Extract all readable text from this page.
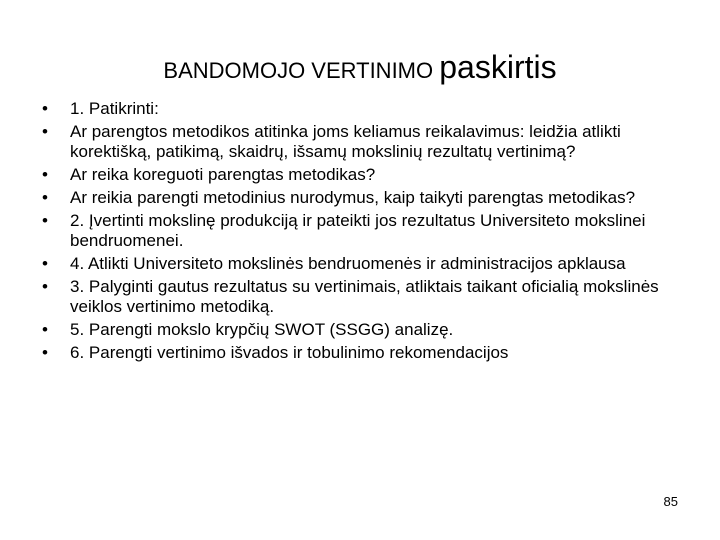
BANDOMOJO VERTINIMO paskirtis
• 1. Patikrinti:
• Ar parengtos metodikos atitinka joms keliamus reikalavimus: leidžia atlikti korektišką, patikimą, skaidrų, išsamų mokslinių rezultatų vertinimą?
• Ar reika koreguoti parengtas metodikas?
• Ar reikia parengti metodinius nurodymus, kaip taikyti parengtas metodikas?
• 2. Įvertinti mokslinę produkciją ir pateikti jos rezultatus Universiteto mokslinei bendruomenei.
• 4. Atlikti Universiteto mokslinės bendruomenės ir administracijos apklausa
• 3. Palyginti gautus rezultatus su vertinimais, atliktais taikant oficialią mokslinės veiklos vertinimo metodiką.
• 5. Parengti mokslo krypčių SWOT (SSGG) analizę.
• 6. Parengti vertinimo išvados ir tobulinimo rekomendacijos
85
